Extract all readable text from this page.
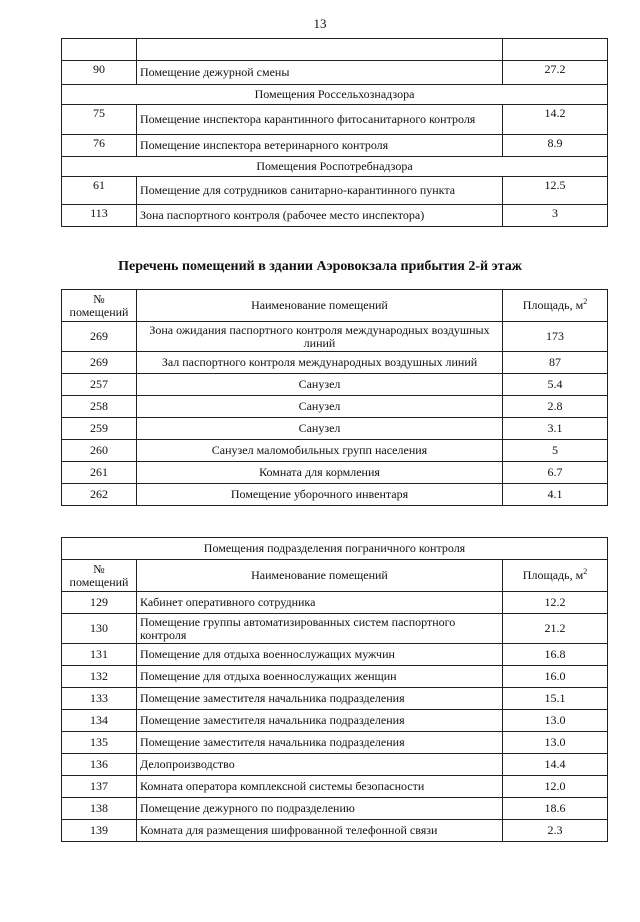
13

90	Помещение дежурной смены	27.2
Помещения Россельхознадзора		
75	Помещение инспектора карантинного фитосанитарного контроля	14.2
76	Помещение инспектора ветеринарного контроля	8.9
Помещения Роспотребнадзора		
61	Помещение для сотрудников санитарно-карантинного пункта	12.5
113	Зона паспортного контроля (рабочее место инспектора)	3
Перечень помещений в здании Аэровокзала прибытия 2-й этаж
№ помещений	Наименование помещений	Площадь, $м^2$
269	Зона ожидания паспортного контроля международных воздушных линий	173
269	Зал паспортного контроля международных воздушных линий	87
257	Санузел	5.4
258	Санузел	2.8
259	Санузел	3.1
260	Санузел маломобильных групп населения	5
261	Комната для кормления	6.7
262	Помещение уборочного инвентаря	4.1
Помещения подразделения пограничного контроля		
№ помещений	Наименование помещений	Площадь, $м^2$
129	Кабинет оперативного сотрудника	12.2
130	Помещение группы автоматизированных систем паспортного контроля	21.2
131	Помещение для отдыха военнослужащих мужчин	16.8
132	Помещение для отдыха военнослужащих женщин	16.0
133	Помещение заместителя начальника подразделения	15.1
134	Помещение заместителя начальника подразделения	13.0
135	Помещение заместителя начальника подразделения	13.0
136	Делопроизводство	14.4
137	Комната оператора комплексной системы безопасности	12.0
138	Помещение дежурного по подразделению	18.6
139	Комната для размещения шифрованной телефонной связи	2.3
